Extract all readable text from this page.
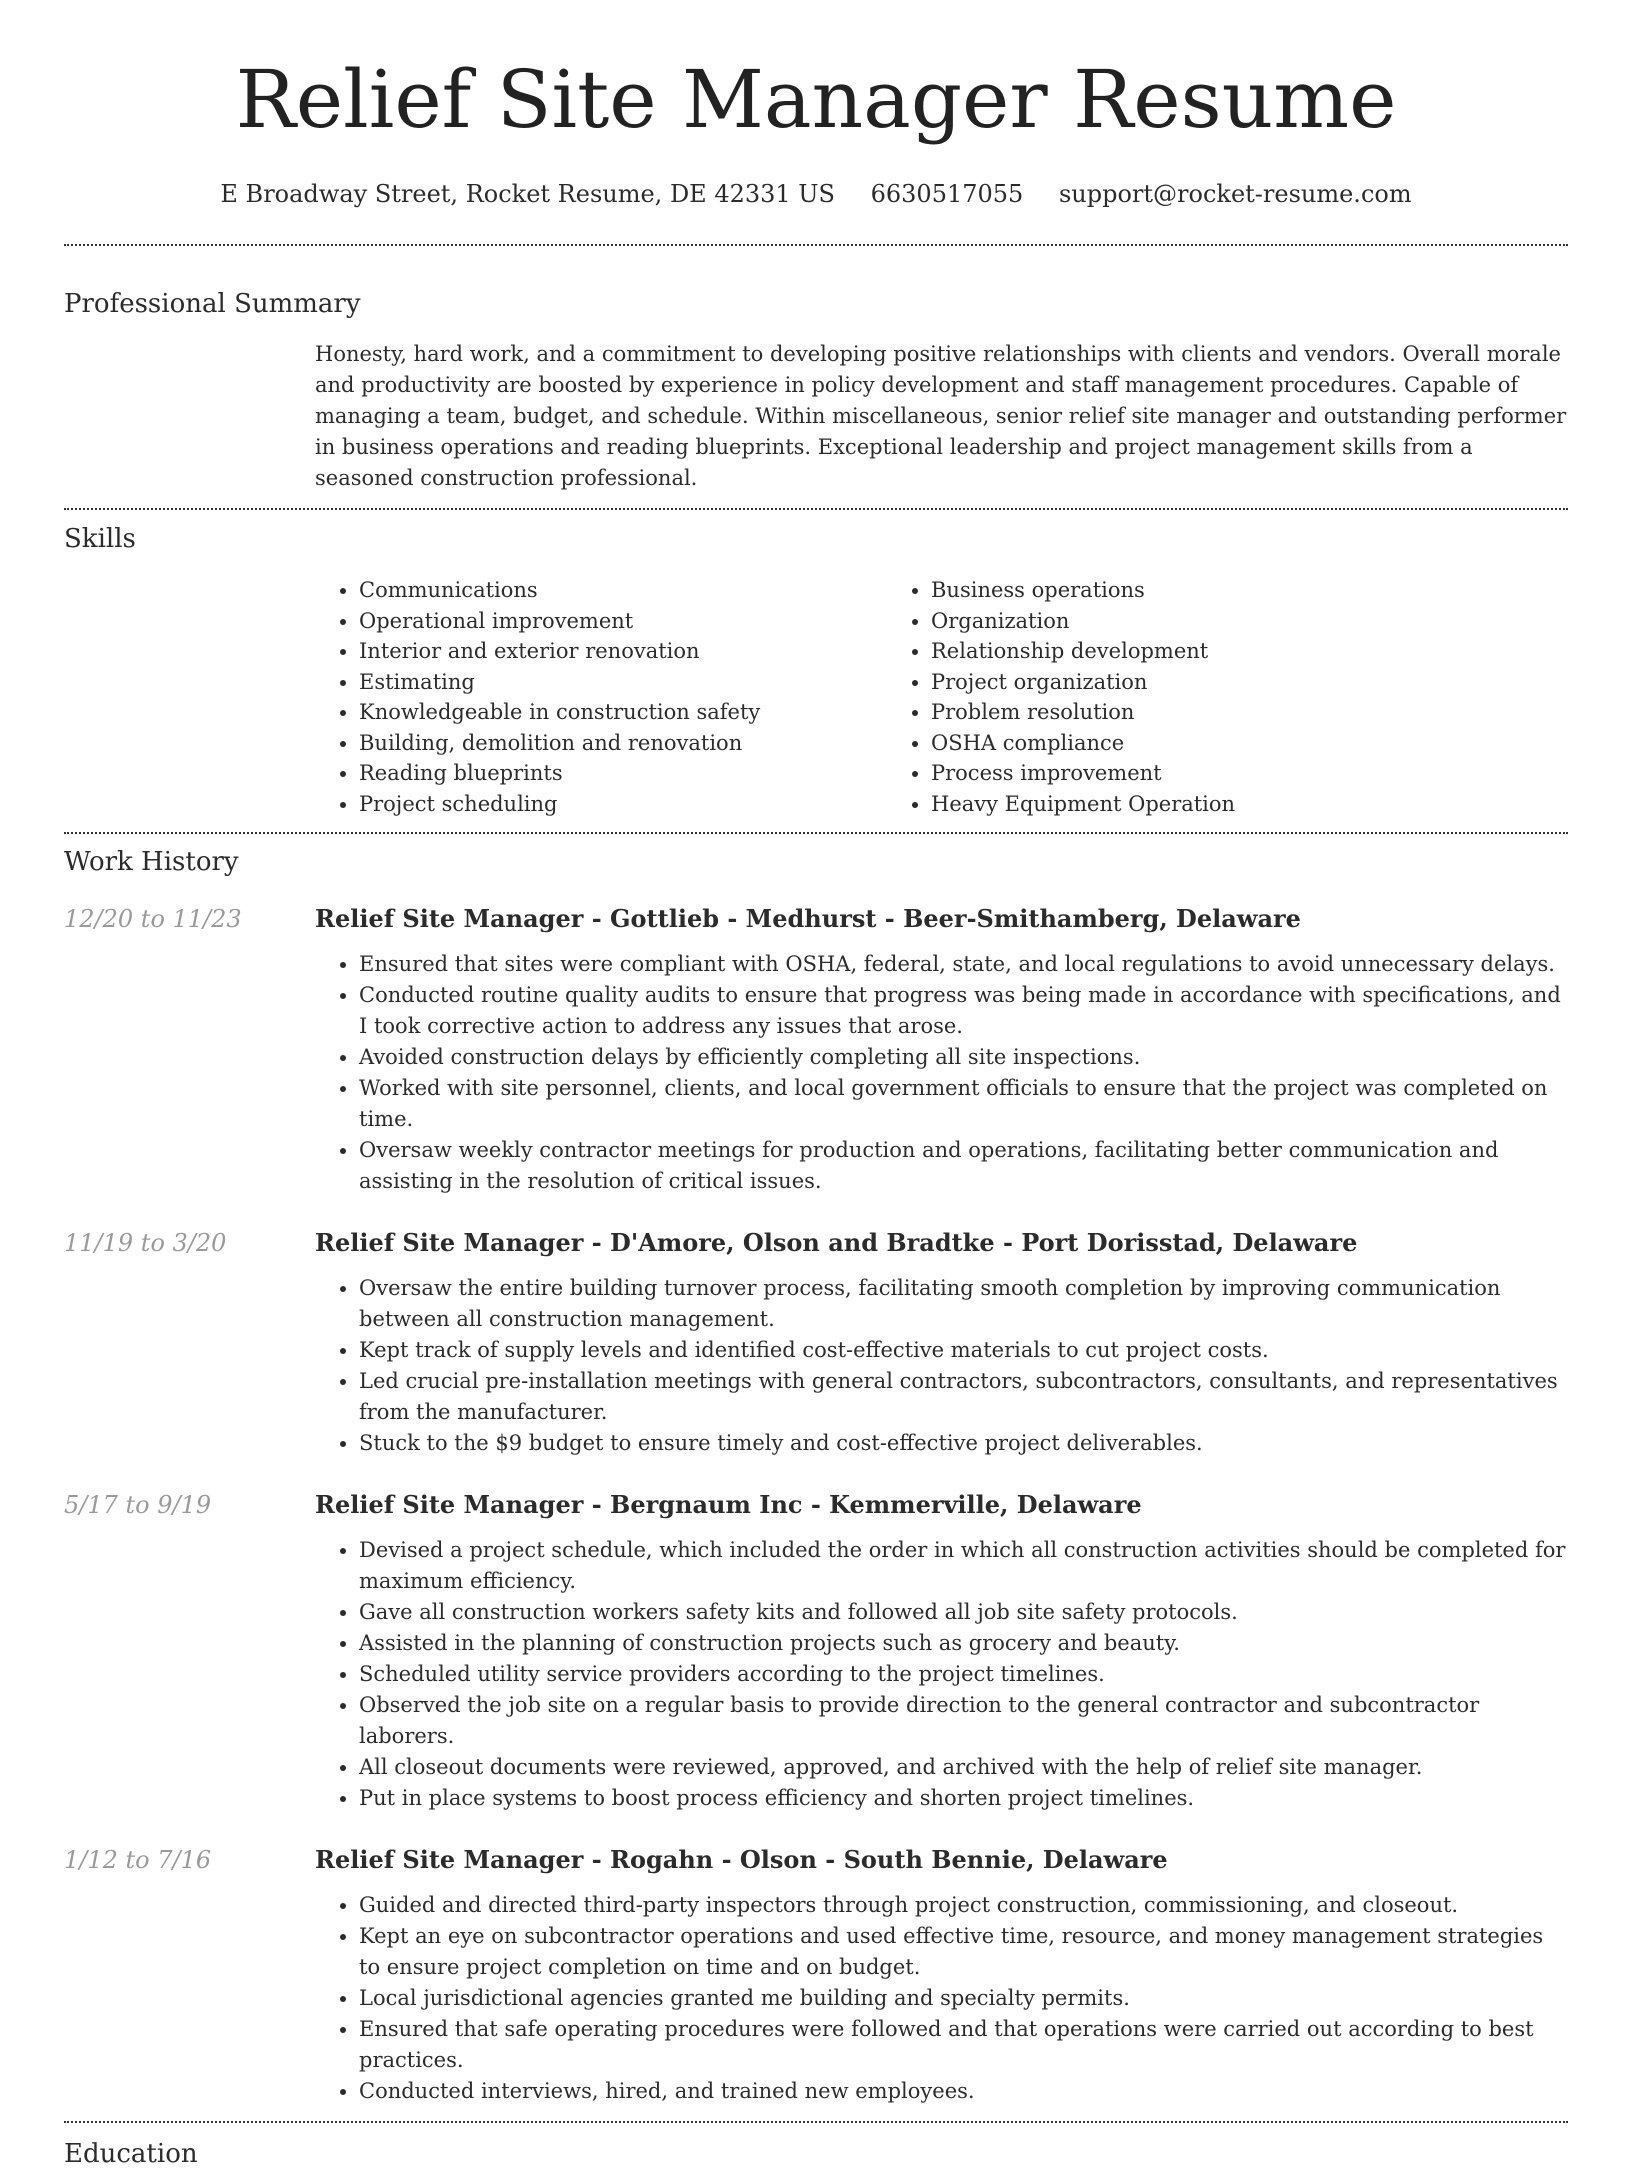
Relief Site Manager Resume
E Broadway Street, Rocket Resume, DE 42331 US 6630517055 support@rocket-resume.com
Professional Summary

Honesty, hard work, and a commitment to developing positive relationships with clients and vendors. Overall morale and productivity are boosted by experience in policy development and staff management procedures. Capable of managing a team, budget, and schedule. Within miscellaneous, senior relief site manager and outstanding performer in business operations and reading blueprints. Exceptional leadership and project management skills from a seasoned construction professional.

Skills
• Communications
• Operational improvement
• Interior and exterior renovation
• Estimating
• Knowledgeable in construction safety
• Building, demolition and renovation
• Reading blueprints
• Project scheduling
• Business operations
• Organization
• Relationship development
• Project organization
• Problem resolution
• OSHA compliance
• Process improvement
• Heavy Equipment Operation
Work History
12/20 to 11/23	Relief Site Manager - Gottlieb - Medhurst - Beer-Smithamberg, Delaware
• Ensured that sites were compliant with OSHA, federal, state, and local regulations to avoid unnecessary delays.
• Conducted routine quality audits to ensure that progress was being made in accordance with specifications, and I took corrective action to address any issues that arose.
• Avoided construction delays by efficiently completing all site inspections.
• Worked with site personnel, clients, and local government officials to ensure that the project was completed on time.
• Oversaw weekly contractor meetings for production and operations, facilitating better communication and assisting in the resolution of critical issues.
11/19 to 3/20	Relief Site Manager - D'Amore, Olson and Bradtke - Port Dorisstad, Delaware
• Oversaw the entire building turnover process, facilitating smooth completion by improving communication between all construction management.
• Kept track of supply levels and identified cost-effective materials to cut project costs.
• Led crucial pre-installation meetings with general contractors, subcontractors, consultants, and representatives from the manufacturer.
• Stuck to the $9 budget to ensure timely and cost-effective project deliverables.
5/17 to 9/19	Relief Site Manager - Bergnaum Inc - Kemmerville, Delaware
• Devised a project schedule, which included the order in which all construction activities should be completed for maximum efficiency.
• Gave all construction workers safety kits and followed all job site safety protocols.
• Assisted in the planning of construction projects such as grocery and beauty.
• Scheduled utility service providers according to the project timelines.
• Observed the job site on a regular basis to provide direction to the general contractor and subcontractor laborers.
• All closeout documents were reviewed, approved, and archived with the help of relief site manager.
• Put in place systems to boost process efficiency and shorten project timelines.
1/12 to 7/16	Relief Site Manager - Rogahn - Olson - South Bennie, Delaware
• Guided and directed third-party inspectors through project construction, commissioning, and closeout.
• Kept an eye on subcontractor operations and used effective time, resource, and money management strategies to ensure project completion on time and on budget.
• Local jurisdictional agencies granted me building and specialty permits.
• Ensured that safe operating procedures were followed and that operations were carried out according to best practices.
• Conducted interviews, hired, and trained new employees.
Education
